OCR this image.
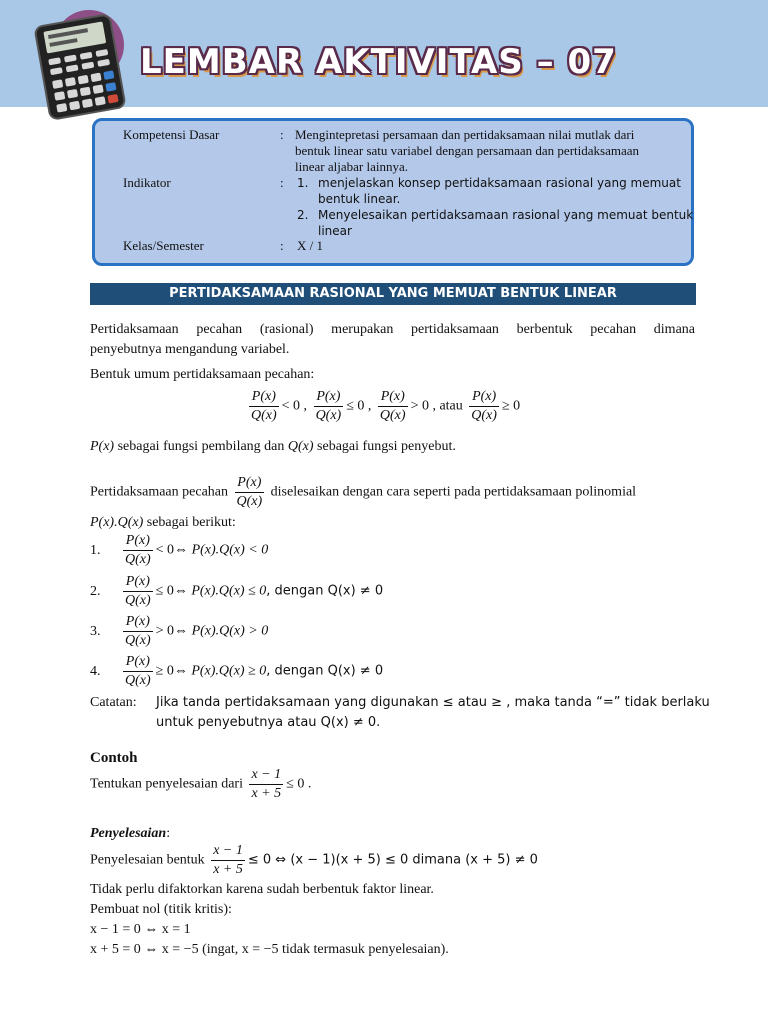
LEMBAR AKTIVITAS – 07
Kompetensi Dasar	: Mengintepretasi persamaan dan pertidaksamaan nilai mutlak dari
bentuk linear satu variabel dengan persamaan dan pertidaksamaan
linear aljabar lainnya.
Indikator	: 1. menjelaskan konsep pertidaksamaan rasional yang memuat
bentuk linear.
2. Menyelesaikan pertidaksamaan rasional yang memuat bentuk
linear
Kelas/Semester	: X / 1
PERTIDAKSAMAAN RASIONAL YANG MEMUAT BENTUK LINEAR
Pertidaksamaan pecahan (rasional) merupakan pertidaksamaan berbentuk pecahan dimana
penyebutnya mengandung variabel.
Bentuk umum pertidaksamaan pecahan:
$\frac{P(x)}{Q(x)} < 0$ , $\frac{P(x)}{Q(x)} \le 0$ , $\frac{P(x)}{Q(x)} > 0$ , atau $\frac{P(x)}{Q(x)} \ge 0$
P(x) sebagai fungsi pembilang dan Q(x) sebagai fungsi penyebut.
Pertidaksamaan pecahan $\frac{P(x)}{Q(x)}$ diselesaikan dengan cara seperti pada pertidaksamaan polinomial
P(x).Q(x) sebagai berikut:
1. $\frac{P(x)}{Q(x)}$ < 0⇔ P(x).Q(x) < 0
2. $\frac{P(x)}{Q(x)}$ ≤ 0⇔ P(x).Q(x) ≤ 0, dengan Q(x) ≠ 0
3. $\frac{P(x)}{Q(x)}$ > 0⇔ P(x).Q(x) > 0
4. $\frac{P(x)}{Q(x)}$ ≥ 0⇔ P(x).Q(x) ≥ 0, dengan Q(x) ≠ 0
Catatan: Jika tanda pertidaksamaan yang digunakan ≤ atau ≥ , maka tanda “=” tidak berlaku
untuk penyebutnya atau Q(x) ≠ 0.
Contoh
Tentukan penyelesaian dari $\frac{x - 1}{x + 5} \le 0$ .
Penyelesaian:
Penyelesaian bentuk $\frac{x - 1}{x + 5} \le 0$ ⇔ (x − 1)(x + 5) ≤ 0 dimana (x + 5) ≠ 0
Tidak perlu difaktorkan karena sudah berbentuk faktor linear.
Pembuat nol (titik kritis):
x − 1 = 0 ⇔ x = 1
x + 5 = 0 ⇔ x = −5 (ingat, x = −5 tidak termasuk penyelesaian).
